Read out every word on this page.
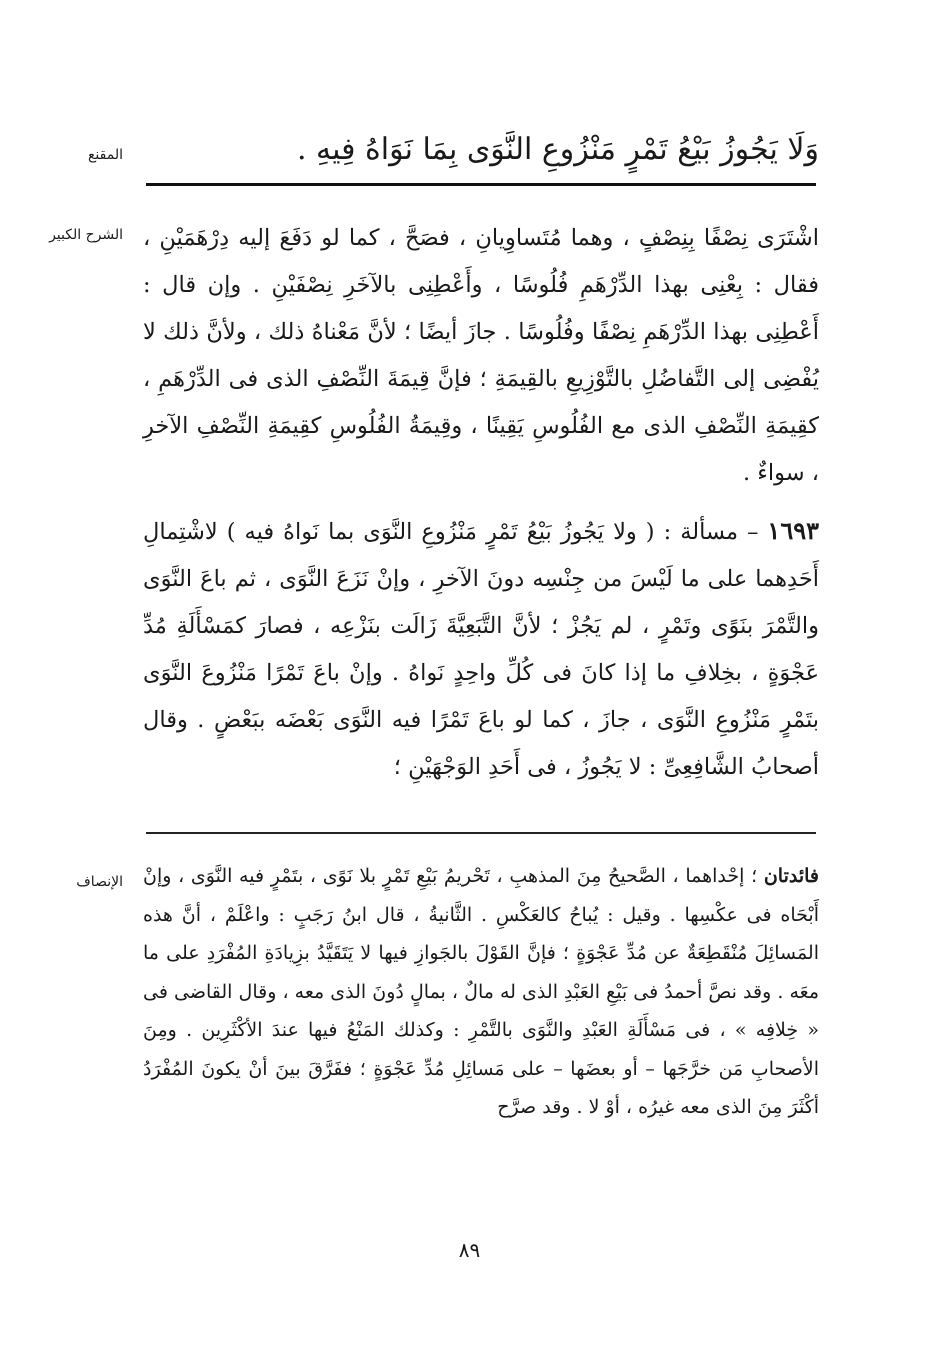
المقنع	وَلَا يَجُوزُ بَيْعُ تَمْرٍ مَنْزُوعِ النَّوَى بِمَا نَوَاهُ فِيهِ .
الشرح الكبير اشْتَرَى نِصْفًا بِنِصْفٍ ، وهما مُتَساوِيانِ ، فصَحَّ ، كما لو دَفَعَ إليه دِرْهَمَيْنِ ، فقال : بِعْنِى بهذا الدِّرْهَمِ فُلُوسًا ، وأَعْطِنِى بالآخَرِ نِصْفَيْنِ . وإن قال : أَعْطِنِى بهذا الدِّرْهَمِ نِصْفًا وفُلُوسًا . جازَ أيضًا ؛ لأنَّ مَعْناهُ ذلك ، ولأنَّ ذلك لا يُفْضِى إلى التَّفاضُلِ بالتَّوْزِيعِ بالقِيمَةِ ؛ فإنَّ قِيمَةَ النِّصْفِ الذى فى الدِّرْهَمِ ، كقِيمَةِ النِّصْفِ الذى مع الفُلُوسِ يَقِينًا ، وقِيمَةُ الفُلُوسِ كقِيمَةِ النِّصْفِ الآخرِ ، سواءٌ .

١٦٩٣ – مسألة : ( ولا يَجُوزُ بَيْعُ تَمْرٍ مَنْزُوعِ النَّوَى بما نَواهُ فيه ) لاشْتِمالِ أَحَدِهما على ما لَيْسَ من جِنْسِه دونَ الآخرِ ، وإنْ نَزَعَ النَّوَى ، ثم باعَ النَّوَى والتَّمْرَ بنَوًى وتَمْرٍ ، لم يَجُزْ ؛ لأنَّ التَّبَعِيَّةَ زَالَت بنَزْعِه ، فصارَ كمَسْأَلَةِ مُدِّ عَجْوَةٍ ، بخِلافِ ما إذا كانَ فى كُلِّ واحِدٍ نَواهُ . وإنْ باعَ تَمْرًا مَنْزُوعَ النَّوَى بتَمْرٍ مَنْزُوعِ النَّوَى ، جازَ ، كما لو باعَ تَمْرًا فيه النَّوَى بَعْضَه ببَعْضٍ . وقال أصحابُ الشَّافِعِىِّ : لا يَجُوزُ ، فى أَحَدِ الوَجْهَيْنِ ؛

الإنصاف	فائدتان ؛ إحْداهما ، الصَّحيحُ مِنَ المذهبِ ، تَحْريمُ بَيْعِ تَمْرٍ بلا نَوًى ، بتَمْرٍ فيه النَّوَى ، وإنْ أَبْحَاه فى عكْسِها . وقيل : يُباحُ كالعَكْسِ . الثَّانيةُ ، قال ابنُ رَجَبٍ : واعْلَمْ ، أنَّ هذه المَسائِلَ مُنْقَطِعَةٌ عن مُدِّ عَجْوَةٍ ؛ فإنَّ القَوْلَ بالجَوازِ فيها لا يَتَقَيَّدُ بزِيادَةِ المُفْرَدِ على ما معَه . وقد نصَّ أحمدُ فى بَيْعِ العَبْدِ الذى له مالٌ ، بمالٍ دُونَ الذى معه ، وقال القاضى فى « خِلافِه » ، فى مَسْأَلَةِ العَبْدِ والنَّوَى بالتَّمْرِ : وكذلك المَنْعُ فيها عندَ الأكْثَرِين . ومِنَ الأصحابِ مَن خرَّجَها – أو بعضَها – على مَسائِلِ مُدِّ عَجْوَةٍ ؛ ففَرَّقَ بينَ أنْ يكونَ المُفْرَدُ أكْثَرَ مِنَ الذى معه غيرُه ، أوْ لا . وقد صرَّح

٨٩
